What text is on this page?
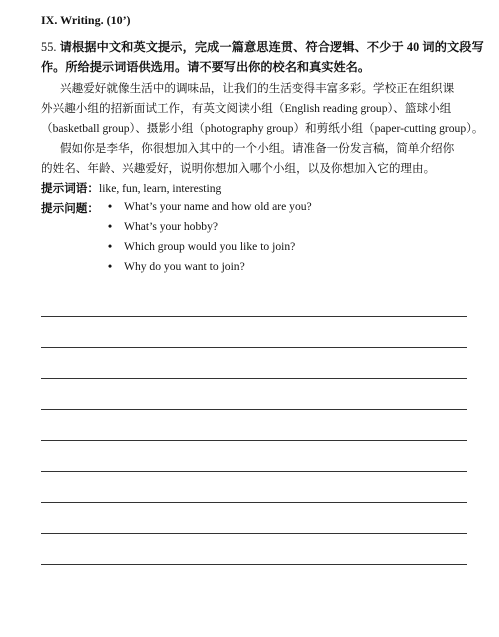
IX. Writing. (10’)
55. 请根据中文和英文提示，完成一篇意思连贯、符合逻辑、不少于 40 词的文段写
作。所给提示词语供选用。请不要写出你的校名和真实姓名。
兴趣爱好就像生活中的调味品，让我们的生活变得丰富多彩。学校正在组织课
外兴趣小组的招新面试工作，有英文阅读小组（English reading group）、篮球小组
（basketball group）、摄影小组（photography group）和剪纸小组（paper-cutting group）。
假如你是李华，你很想加入其中的一个小组。请准备一份发言稿，简单介绍你
的姓名、年龄、兴趣爱好，说明你想加入哪个小组，以及你想加入它的理由。
提示词语：like, fun, learn, interesting
提示问题： • What’s your name and how old are you?
• What’s your hobby?
• Which group would you like to join?
• Why do you want to join?
